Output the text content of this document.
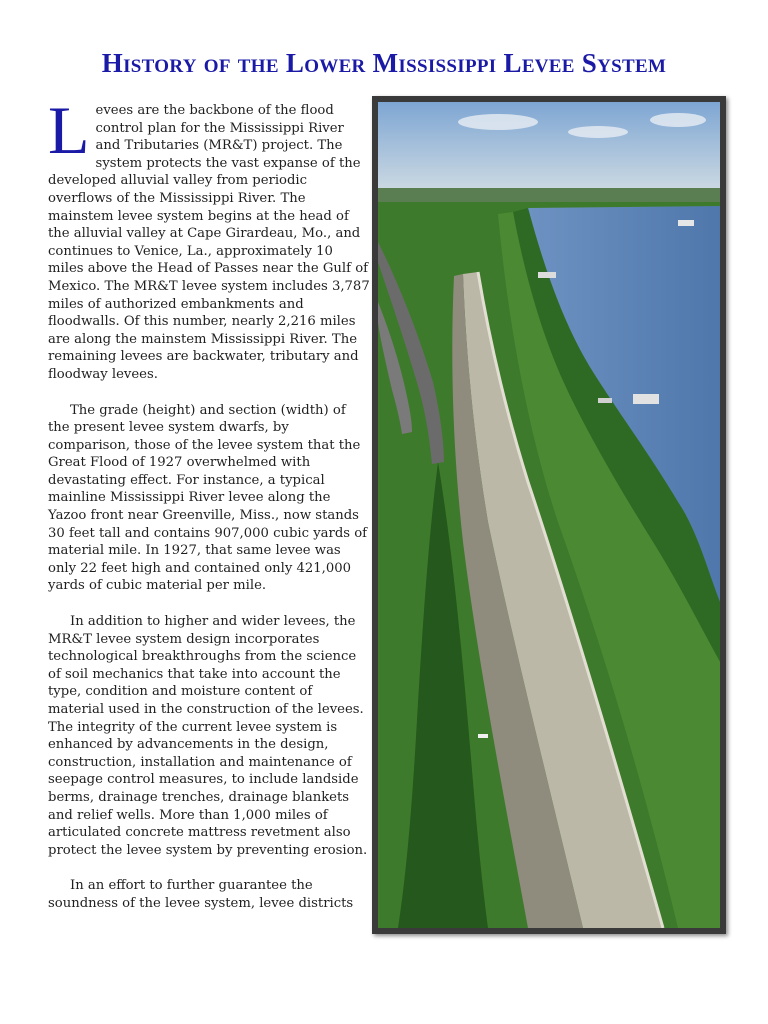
History of the Lower Mississippi Levee System

Levees are the backbone of the flood control plan for the Mississippi River and Tributaries (MR&T) project. The system protects the vast expanse of the developed alluvial valley from periodic overflows of the Mississippi River. The mainstem levee system begins at the head of the alluvial valley at Cape Girardeau, Mo., and continues to Venice, La., approximately 10 miles above the Head of Passes near the Gulf of Mexico. The MR&T levee system includes 3,787 miles of authorized embankments and floodwalls. Of this number, nearly 2,216 miles are along the mainstem Mississippi River. The remaining levees are backwater, tributary and floodway levees.

The grade (height) and section (width) of the present levee system dwarfs, by comparison, those of the levee system that the Great Flood of 1927 overwhelmed with devastating effect. For instance, a typical mainline Mississippi River levee along the Yazoo front near Greenville, Miss., now stands 30 feet tall and contains 907,000 cubic yards of material mile. In 1927, that same levee was only 22 feet high and contained only 421,000 yards of cubic material per mile.

In addition to higher and wider levees, the MR&T levee system design incorporates technological breakthroughs from the science of soil mechanics that take into account the type, condition and moisture content of material used in the construction of the levees. The integrity of the current levee system is enhanced by advancements in the design, construction, installation and maintenance of seepage control measures, to include landside berms, drainage trenches, drainage blankets and relief wells. More than 1,000 miles of articulated concrete mattress revetment also protect the levee system by preventing erosion.

In an effort to further guarantee the soundness of the levee system, levee districts
